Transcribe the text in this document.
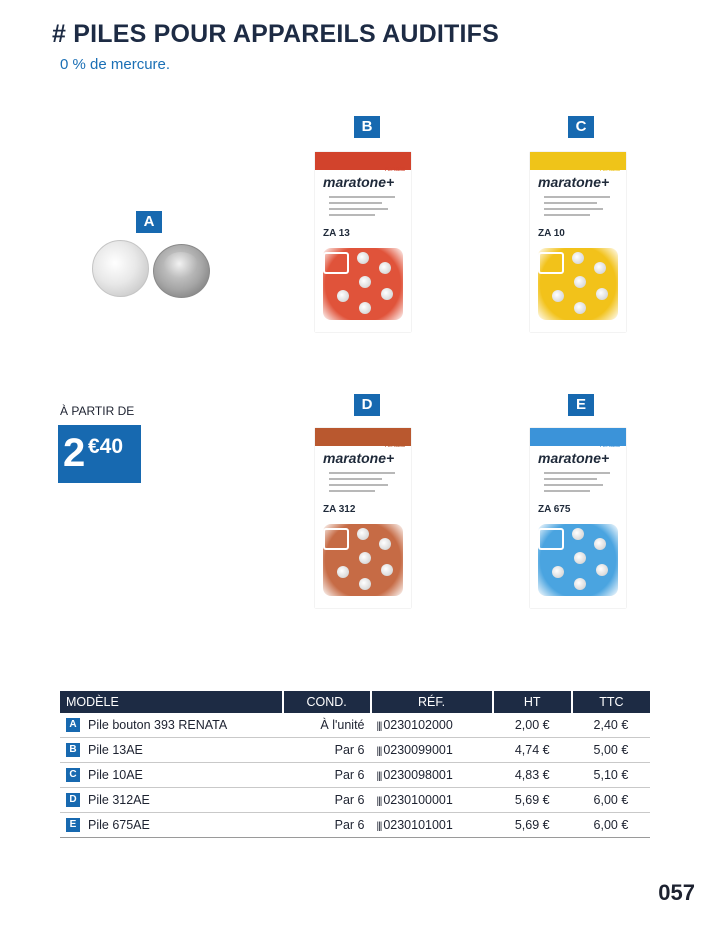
# PILES POUR APPAREILS AUDITIFS
0 % de mercure.
A
B
renata
maratone+
ZA 13
C
renata
maratone+
ZA 10
D
renata
maratone+
ZA 312
E
renata
maratone+
ZA 675
À PARTIR DE
2 €40
MODÈLE	COND.	RÉF.	HT	TTC
A Pile bouton 393 RENATA	À l'unité	||| 0230102000	2,00 €	2,40 €
B Pile 13AE	Par 6	||| 0230099001	4,74 €	5,00 €
C Pile 10AE	Par 6	||| 0230098001	4,83 €	5,10 €
D Pile 312AE	Par 6	||| 0230100001	5,69 €	6,00 €
E Pile 675AE	Par 6	||| 0230101001	5,69 €	6,00 €
057
